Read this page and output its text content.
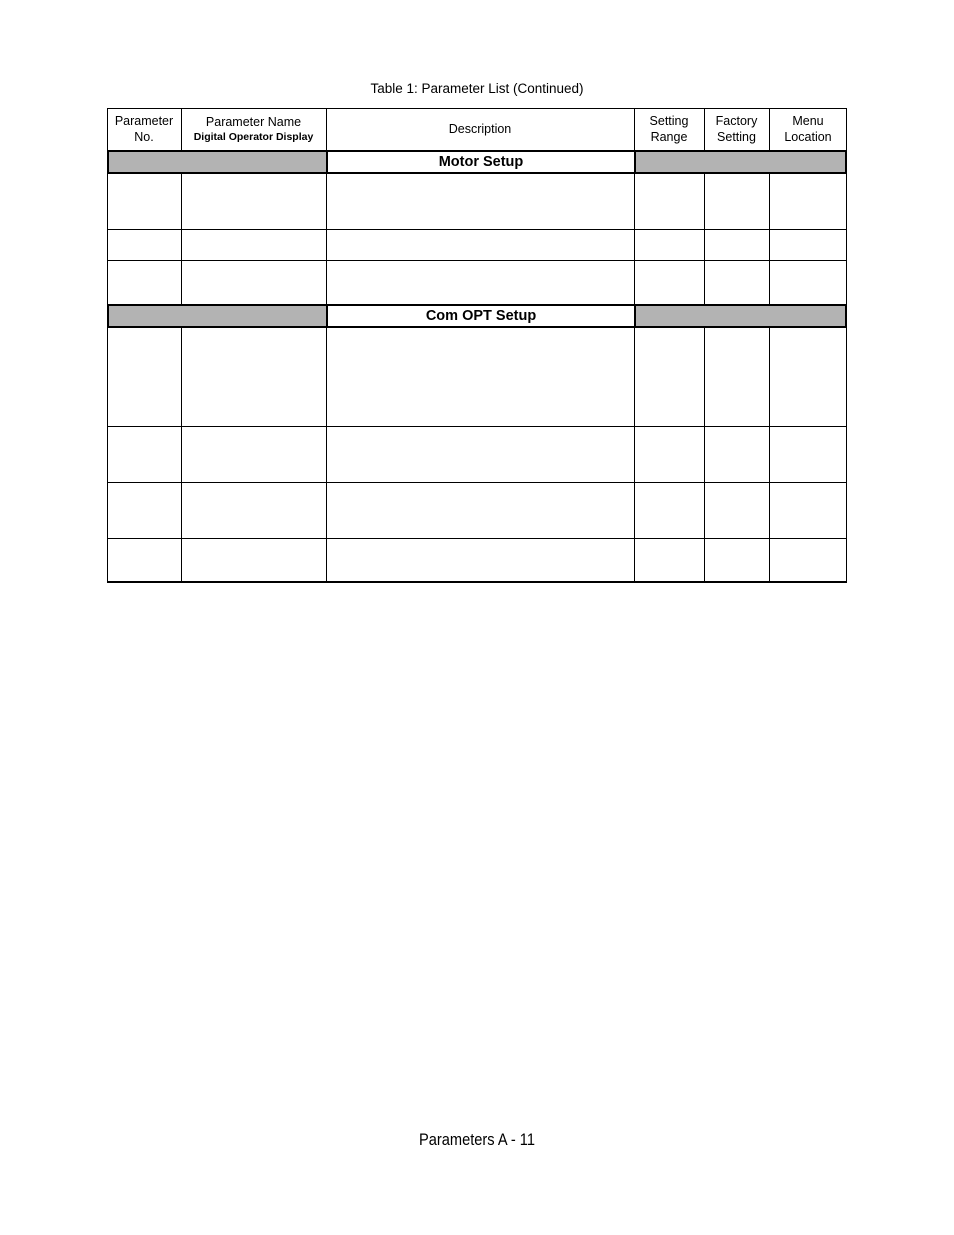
Table 1: Parameter List (Continued)
Parameter
No.
Parameter Name
Digital Operator Display
Description
Setting
Range
Factory
Setting
Menu
Location
Motor Setup
Com OPT Setup
Parameters A - 11
